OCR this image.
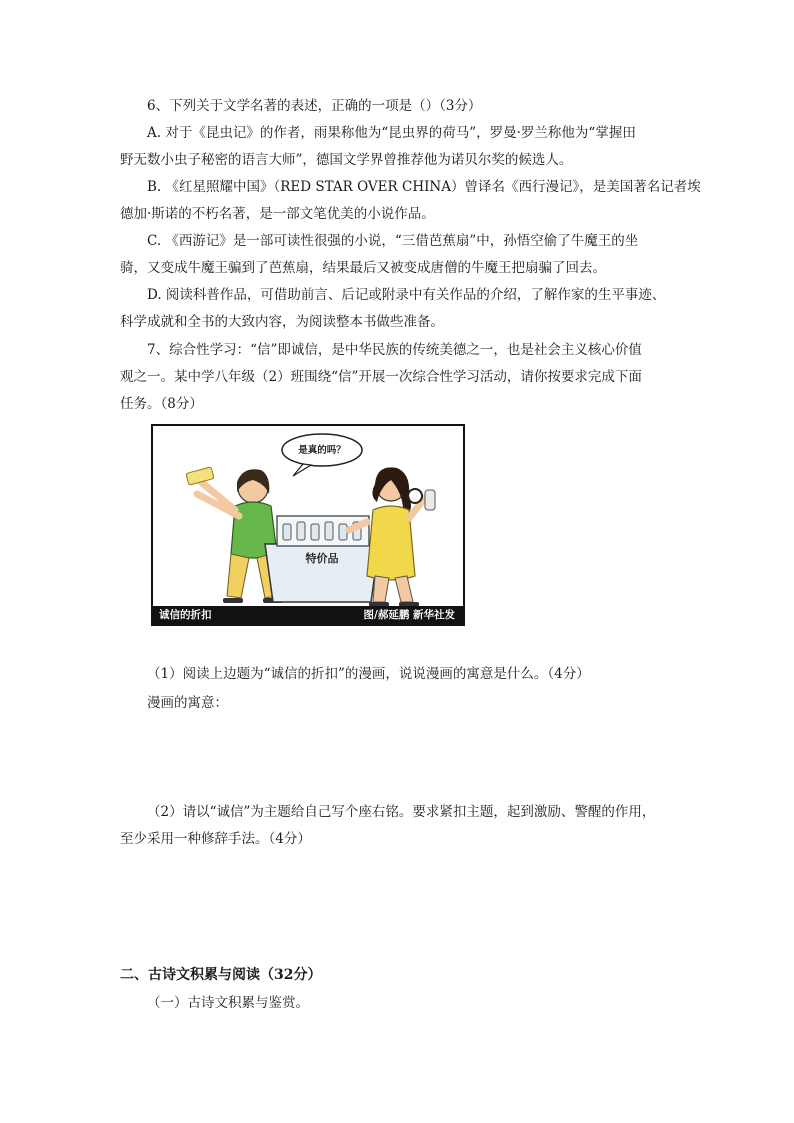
6、下列关于文学名著的表述，正确的一项是（）（3分）
A. 对于《昆虫记》的作者，雨果称他为“昆虫界的荷马”，罗曼·罗兰称他为“掌握田
野无数小虫子秘密的语言大师”，德国文学界曾推荐他为诺贝尔奖的候选人。
B. 《红星照耀中国》（RED STAR OVER CHINA）曾译名《西行漫记》，是美国著名记者埃
德加·斯诺的不朽名著，是一部文笔优美的小说作品。
C. 《西游记》是一部可读性很强的小说，“三借芭蕉扇”中，孙悟空偷了牛魔王的坐
骑，又变成牛魔王骗到了芭蕉扇，结果最后又被变成唐僧的牛魔王把扇骗了回去。
D. 阅读科普作品，可借助前言、后记或附录中有关作品的介绍，了解作家的生平事迹、
科学成就和全书的大致内容，为阅读整本书做些准备。
7、综合性学习：“信”即诚信，是中华民族的传统美德之一，也是社会主义核心价值
观之一。某中学八年级（2）班围绕“信”开展一次综合性学习活动，请你按要求完成下面
任务。（8分）
是真的吗？
特价品
诚信的折扣	图/郝延鹏 新华社发
（1）阅读上边题为“诚信的折扣”的漫画，说说漫画的寓意是什么。（4分）
漫画的寓意：
（2）请以“诚信”为主题给自己写个座右铭。要求紧扣主题，起到激励、警醒的作用，
至少采用一种修辞手法。（4分）
二、古诗文积累与阅读（32分）
（一）古诗文积累与鉴赏。
